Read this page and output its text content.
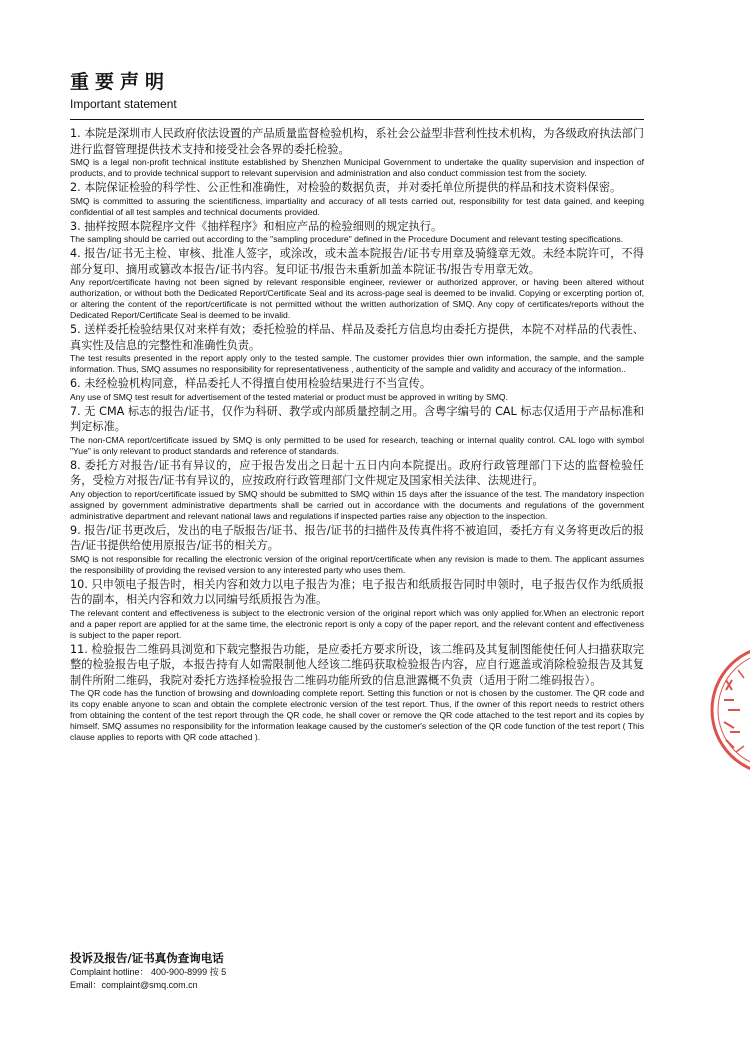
重要声明
Important statement
1. 本院是深圳市人民政府依法设置的产品质量监督检验机构，系社会公益型非营利性技术机构，为各级政府执法部门进行监督管理提供技术支持和接受社会各界的委托检验。
SMQ is a legal non-profit technical institute established by Shenzhen Municipal Government to undertake the quality supervision and inspection of products, and to provide technical support to relevant supervision and administration and also conduct commission test from the society.
2. 本院保证检验的科学性、公正性和准确性，对检验的数据负责，并对委托单位所提供的样品和技术资料保密。
SMQ is committed to assuring the scientificness, impartiality and accuracy of all tests carried out, responsibility for test data gained, and keeping confidential of all test samples and technical documents provided.
3. 抽样按照本院程序文件《抽样程序》和相应产品的检验细则的规定执行。
The sampling should be carried out according to the "sampling procedure" defined in the Procedure Document and relevant testing specifications.
4. 报告/证书无主检、审核、批准人签字，或涂改，或未盖本院报告/证书专用章及骑缝章无效。未经本院许可，不得部分复印、摘用或篡改本报告/证书内容。复印证书/报告未重新加盖本院证书/报告专用章无效。
Any report/certificate having not been signed by relevant responsible engineer, reviewer or authorized approver, or having been altered without authorization, or without both the Dedicated Report/Certificate Seal and its across-page seal is deemed to be invalid. Copying or excerpting portion of, or altering the content of the report/certificate is not permitted without the written authorization of SMQ. Any copy of certificates/reports without the Dedicated Report/Certificate Seal is deemed to be invalid.
5. 送样委托检验结果仅对来样有效；委托检验的样品、样品及委托方信息均由委托方提供，本院不对样品的代表性、真实性及信息的完整性和准确性负责。
The test results presented in the report apply only to the tested sample. The customer provides thier own information, the sample, and the sample information. Thus, SMQ assumes no responsibility for representativeness , authenticity of the sample and validity and accuracy of the information..
6. 未经检验机构同意，样品委托人不得擅自使用检验结果进行不当宣传。
Any use of SMQ test result for advertisement of the tested material or product must be approved in writing by SMQ.
7. 无 CMA 标志的报告/证书，仅作为科研、教学或内部质量控制之用。含粤字编号的 CAL 标志仅适用于产品标准和判定标准。
The non-CMA report/certificate issued by SMQ is only permitted to be used for research, teaching or internal quality control. CAL logo with symbol "Yue" is only relevant to product standards and reference of standards.
8. 委托方对报告/证书有异议的，应于报告发出之日起十五日内向本院提出。政府行政管理部门下达的监督检验任务，受检方对报告/证书有异议的，应按政府行政管理部门文件规定及国家相关法律、法规进行。
Any objection to report/certificate issued by SMQ should be submitted to SMQ within 15 days after the issuance of the test. The mandatory inspection assigned by government administrative departments shall be carried out in accordance with the documents and regulations of the government administrative department and relevant national laws and regulations if inspected parties raise any objection to the inspection.
9. 报告/证书更改后，发出的电子版报告/证书、报告/证书的扫描件及传真件将不被追回，委托方有义务将更改后的报告/证书提供给使用原报告/证书的相关方。
SMQ is not responsible for recalling the electronic version of the original report/certificate when any revision is made to them. The applicant assumes the responsibility of providing the revised version to any interested party who uses them.
10. 只申领电子报告时，相关内容和效力以电子报告为准；电子报告和纸质报告同时申领时，电子报告仅作为纸质报告的副本，相关内容和效力以同编号纸质报告为准。
The relevant content and effectiveness is subject to the electronic version of the original report which was only applied for.When an electronic report and a paper report are applied for at the same time, the electronic report is only a copy of the paper report, and the relevant content and effectiveness is subject to the paper report.
11. 检验报告二维码具浏览和下载完整报告功能，是应委托方要求所设，该二维码及其复制图能使任何人扫描获取完整的检验报告电子版，本报告持有人如需限制他人经该二维码获取检验报告内容，应自行遮盖或消除检验报告及其复制件所附二维码，我院对委托方选择检验报告二维码功能所致的信息泄露概不负责（适用于附二维码报告）。
The QR code has the function of browsing and downloading complete report. Setting this function or not is chosen by the customer. The QR code and its copy enable anyone to scan and obtain the complete electronic version of the test report. Thus, if the owner of this report needs to restrict others from obtaining the content of the test report through the QR code, he shall cover or remove the QR code attached to the test report and its copies by himself. SMQ assumes no responsibility for the information leakage caused by the customer's selection of the QR code function of the test report ( This clause applies to reports with QR code attached ).
投诉及报告/证书真伪查询电话
Complaint hotline： 400-900-8999 按 5
Email：complaint@smq.com.cn
